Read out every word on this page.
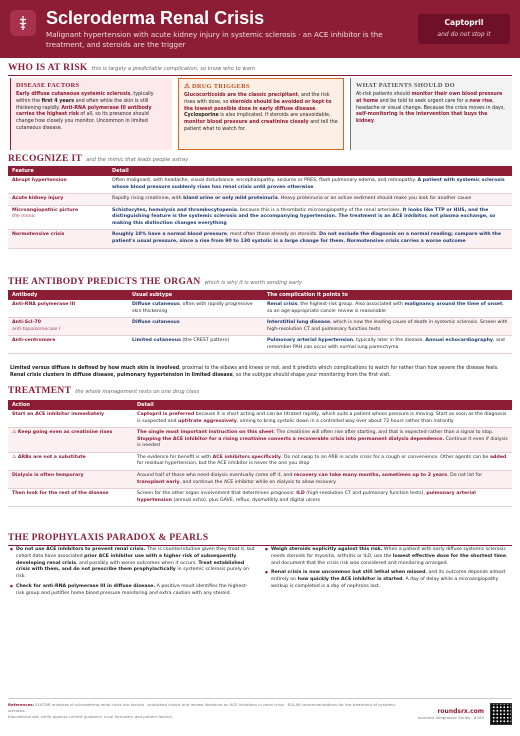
Scleroderma Renal Crisis
Malignant hypertension with acute kidney injury in systemic sclerosis · an ACE inhibitor is the treatment, and steroids are the trigger
Captopril
and do not stop it
WHO IS AT RISK this is largely a predictable complication, so know who to warn
DISEASE FACTORS
Early diffuse cutaneous systemic sclerosis, typically within the first 4 years and often while the skin is still thickening rapidly. Anti-RNA polymerase III antibody carries the highest risk of all, so its presence should change how closely you monitor. Uncommon in limited cutaneous disease.
⚠ DRUG TRIGGERS
Glucocorticoids are the classic precipitant, and the risk rises with dose, so steroids should be avoided or kept to the lowest possible dose in early diffuse disease. Cyclosporine is also implicated. If steroids are unavoidable, monitor blood pressure and creatinine closely and tell the patient what to watch for.
WHAT PATIENTS SHOULD DO
At-risk patients should monitor their own blood pressure at home and be told to seek urgent care for a new rise, headache or visual change. Because the crisis moves in days, self-monitoring is the intervention that buys the kidney.
RECOGNIZE IT and the mimic that leads people astray
Feature	Detail
Abrupt hypertension	Often malignant, with headache, visual disturbance, encephalopathy, seizures or PRES, flash pulmonary edema, and retinopathy. A patient with systemic sclerosis whose blood pressure suddenly rises has renal crisis until proven otherwise
Acute kidney injury	Rapidly rising creatinine, with bland urine or only mild proteinuria. Heavy proteinuria or an active sediment should make you look for another cause
Microangiopathic picture
the mimic	Schistocytes, hemolysis and thrombocytopenia, because this is a thrombotic microangiopathy of the renal arterioles. It looks like TTP or HUS, and the distinguishing feature is the systemic sclerosis and the accompanying hypertension. The treatment is an ACE inhibitor, not plasma exchange, so making this distinction changes everything
Normotensive crisis	Roughly 10% have a normal blood pressure, most often those already on steroids. Do not exclude the diagnosis on a normal reading; compare with the patient's usual pressure, since a rise from 90 to 130 systolic is a large change for them. Normotensive crisis carries a worse outcome
THE ANTIBODY PREDICTS THE ORGAN which is why it is worth sending early
Antibody	Usual subtype	The complication it points to
Anti-RNA polymerase III	Diffuse cutaneous, often with rapidly progressive skin thickening	Renal crisis, the highest-risk group. Also associated with malignancy around the time of onset, so an age-appropriate cancer review is reasonable
Anti-Scl-70
anti-topoisomerase I	Diffuse cutaneous	Interstitial lung disease, which is now the leading cause of death in systemic sclerosis. Screen with high-resolution CT and pulmonary function tests
Anti-centromere	Limited cutaneous (the CREST pattern)	Pulmonary arterial hypertension, typically later in the disease. Annual echocardiography, and remember PAH can occur with normal lung parenchyma
Limited versus diffuse is defined by how much skin is involved, proximal to the elbows and knees or not, and it predicts which complications to watch for rather than how severe the disease feels. Renal crisis clusters in diffuse disease, pulmonary hypertension in limited disease, so the subtype should shape your monitoring from the first visit.
TREATMENT the whole management rests on one drug class
Action	Detail
Start an ACE inhibitor immediately	Captopril is preferred because it is short acting and can be titrated rapidly, which suits a patient whose pressure is moving. Start as soon as the diagnosis is suspected and uptitrate aggressively, aiming to bring systolic down in a controlled way over about 72 hours rather than instantly
⚠ Keep going even as creatinine rises	The single most important instruction on this sheet. The creatinine will often rise after starting, and that is expected rather than a signal to stop. Stopping the ACE inhibitor for a rising creatinine converts a recoverable crisis into permanent dialysis dependence. Continue it even if dialysis is needed
⚠ ARBs are not a substitute	The evidence for benefit is with ACE inhibitors specifically. Do not swap to an ARB in acute crisis for a cough or convenience. Other agents can be added for residual hypertension, but the ACE inhibitor is never the one you drop
Dialysis is often temporary	Around half of those who need dialysis eventually come off it, and recovery can take many months, sometimes up to 2 years. Do not list for transplant early, and continue the ACE inhibitor while on dialysis to allow recovery
Then look for the rest of the disease	Screen for the other organ involvement that determines prognosis: ILD (high-resolution CT and pulmonary function tests), pulmonary arterial hypertension (annual echo), plus GAVE, reflux, dysmotility and digital ulcers
THE PROPHYLAXIS PARADOX & PEARLS
● Do not use ACE inhibitors to prevent renal crisis. This is counterintuitive given they treat it, but cohort data have associated prior ACE inhibitor use with a higher risk of subsequently developing renal crisis, and possibly with worse outcomes when it occurs. Treat established crisis with them, and do not prescribe them prophylactically in systemic sclerosis purely on risk.
● Check for anti-RNA polymerase III in diffuse disease. A positive result identifies the highest-risk group and justifies home blood pressure monitoring and extra caution with any steroid.
● Weigh steroids explicitly against this risk. When a patient with early diffuse systemic sclerosis needs steroids for myositis, arthritis or ILD, use the lowest effective dose for the shortest time, and document that the crisis risk was considered and monitoring arranged.
● Renal crisis is now uncommon but still lethal when missed, and its outcome depends almost entirely on how quickly the ACE inhibitor is started. A day of delay while a microangiopathy workup is completed is a day of nephrons lost.
References: EUSTAR analyses of scleroderma renal crisis risk factors · published cohort and review literature on ACE inhibitors in renal crisis · EULAR recommendations for the treatment of systemic sclerosis.
Educational aid: verify against current guidance, local formulary and patient factors.
roundsrx.com
roundsrx Infographic Series · #165
